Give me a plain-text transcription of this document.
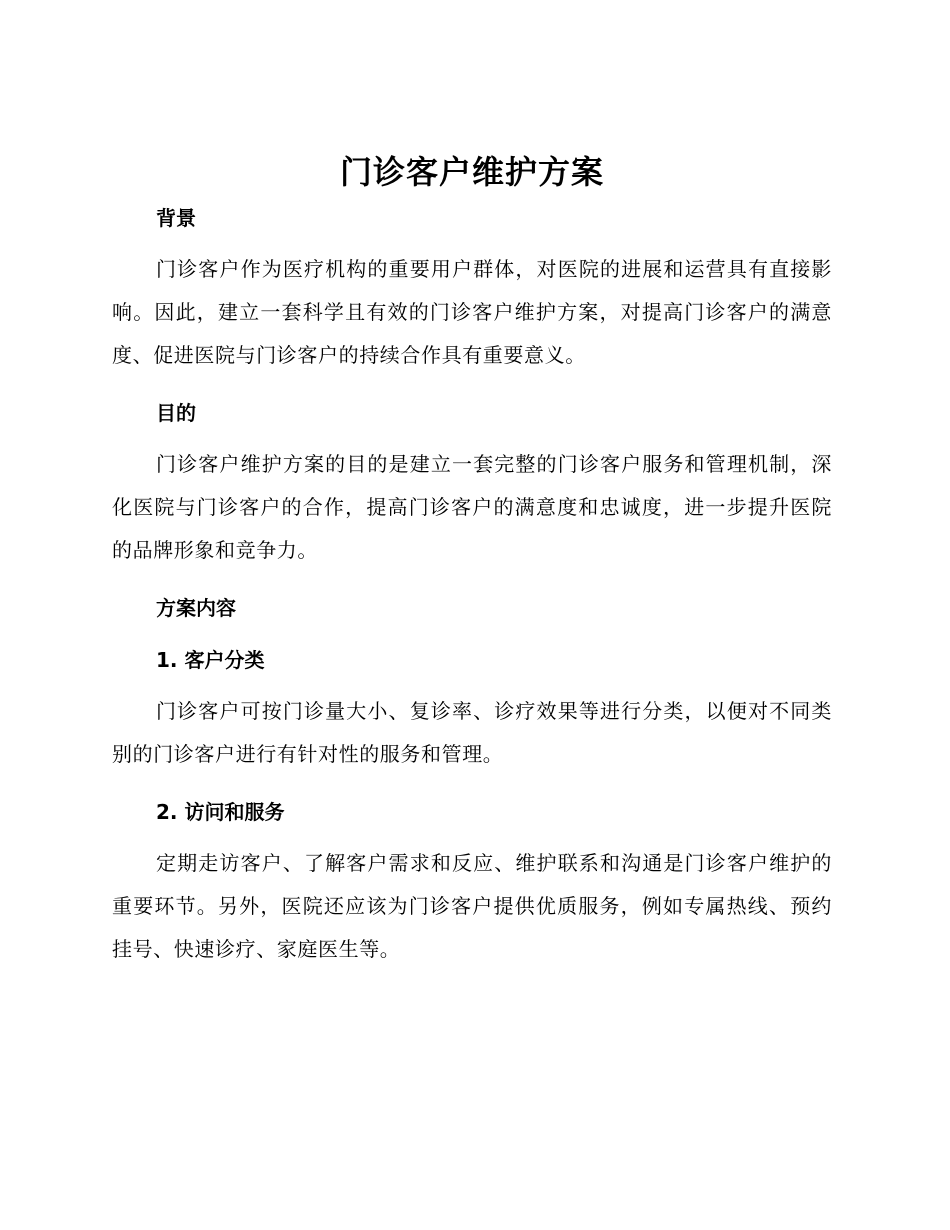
门诊客户维护方案
背景

门诊客户作为医疗机构的重要用户群体，对医院的进展和运营具有直接影响。因此，建立一套科学且有效的门诊客户维护方案，对提高门诊客户的满意度、促进医院与门诊客户的持续合作具有重要意义。

目的

门诊客户维护方案的目的是建立一套完整的门诊客户服务和管理机制，深化医院与门诊客户的合作，提高门诊客户的满意度和忠诚度，进一步提升医院的品牌形象和竞争力。

方案内容
1. 客户分类

门诊客户可按门诊量大小、复诊率、诊疗效果等进行分类，以便对不同类别的门诊客户进行有针对性的服务和管理。

2. 访问和服务

定期走访客户、了解客户需求和反应、维护联系和沟通是门诊客户维护的重要环节。另外，医院还应该为门诊客户提供优质服务，例如专属热线、预约挂号、快速诊疗、家庭医生等。
